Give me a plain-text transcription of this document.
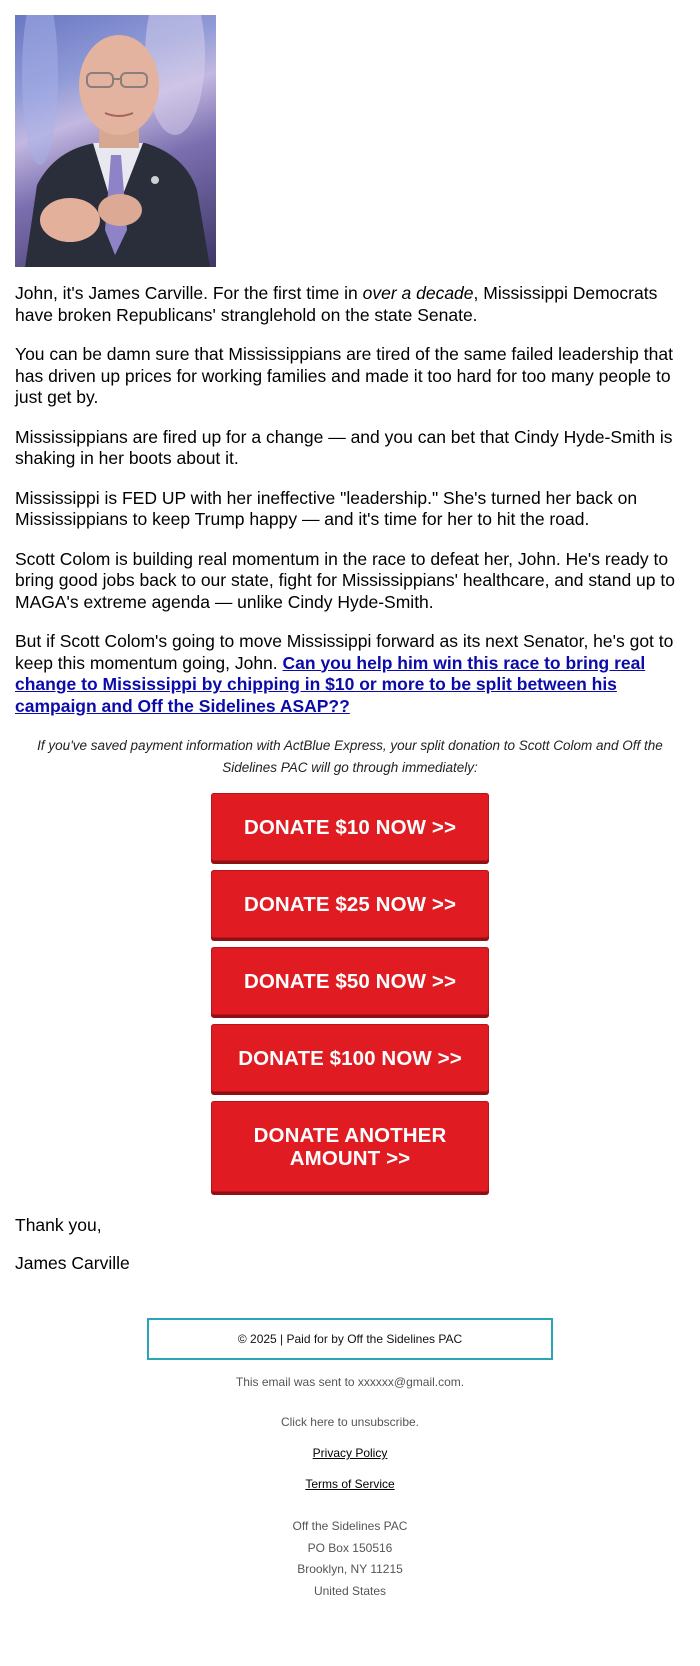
John, it's James Carville. For the first time in over a decade, Mississippi Democrats have broken Republicans' stranglehold on the state Senate.

You can be damn sure that Mississippians are tired of the same failed leadership that has driven up prices for working families and made it too hard for too many people to just get by.

Mississippians are fired up for a change — and you can bet that Cindy Hyde-Smith is shaking in her boots about it.

Mississippi is FED UP with her ineffective "leadership." She's turned her back on Mississippians to keep Trump happy — and it's time for her to hit the road.

Scott Colom is building real momentum in the race to defeat her, John. He's ready to bring good jobs back to our state, fight for Mississippians' healthcare, and stand up to MAGA's extreme agenda — unlike Cindy Hyde-Smith.

But if Scott Colom's going to move Mississippi forward as its next Senator, he's got to keep this momentum going, John. Can you help him win this race to bring real change to Mississippi by chipping in $10 or more to be split between his campaign and Off the Sidelines ASAP??

If you've saved payment information with ActBlue Express, your split donation to Scott Colom and Off the Sidelines PAC will go through immediately:

DONATE $10 NOW >>
DONATE $25 NOW >>
DONATE $50 NOW >>
DONATE $100 NOW >>
DONATE ANOTHER AMOUNT >>

Thank you,

James Carville

© 2025 | Paid for by Off the Sidelines PAC
This email was sent to xxxxxx@gmail.com.
Click here to unsubscribe.
Privacy Policy
Terms of Service
Off the Sidelines PAC
PO Box 150516
Brooklyn, NY 11215
United States
